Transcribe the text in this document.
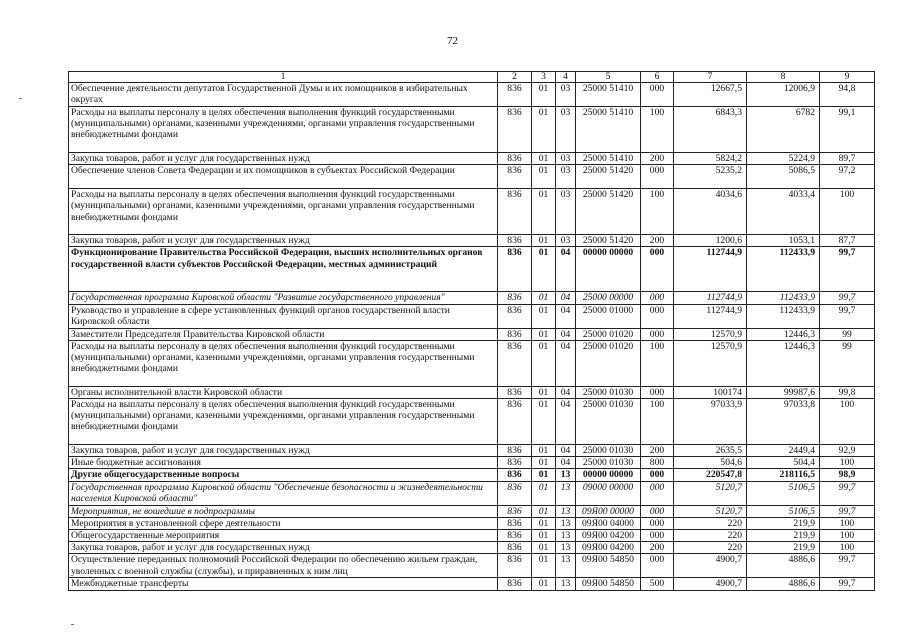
72
1	2	3	4	5	6	7	8	9
Обеспечение деятельности депутатов Государственной Думы и их помощников в избирательных округах	836	01	03	25000 51410	000	12667,5	12006,9	94,8
Расходы на выплаты персоналу в целях обеспечения выполнения функций государственными (муниципальными) органами, казенными учреждениями, органами управления государственными внебюджетными фондами	836	01	03	25000 51410	100	6843,3	6782	99,1
Закупка товаров, работ и услуг для государственных нужд	836	01	03	25000 51410	200	5824,2	5224,9	89,7
Обеспечение членов Совета Федерации и их помощников в субъектах Российской Федерации	836	01	03	25000 51420	000	5235,2	5086,5	97,2
Расходы на выплаты персоналу в целях обеспечения выполнения функций государственными (муниципальными) органами, казенными учреждениями, органами управления государственными внебюджетными фондами	836	01	03	25000 51420	100	4034,6	4033,4	100
Закупка товаров, работ и услуг для государственных нужд	836	01	03	25000 51420	200	1200,6	1053,1	87,7
Функционирование Правительства Российской Федерации, высших исполнительных органов государственной власти субъектов Российской Федерации, местных администраций	836	01	04	00000 00000	000	112744,9	112433,9	99,7
Государственная программа Кировской области "Развитие государственного управления"	836	01	04	25000 00000	000	112744,9	112433,9	99,7
Руководство и управление в сфере установленных функций органов государственной власти Кировской области	836	01	04	25000 01000	000	112744,9	112433,9	99,7
Заместители Председателя Правительства Кировской области	836	01	04	25000 01020	000	12570,9	12446,3	99
Расходы на выплаты персоналу в целях обеспечения выполнения функций государственными (муниципальными) органами, казенными учреждениями, органами управления государственными внебюджетными фондами	836	01	04	25000 01020	100	12570,9	12446,3	99
Органы исполнительной власти Кировской области	836	01	04	25000 01030	000	100174	99987,6	99,8
Расходы на выплаты персоналу в целях обеспечения выполнения функций государственными (муниципальными) органами, казенными учреждениями, органами управления государственными внебюджетными фондами	836	01	04	25000 01030	100	97033,9	97033,8	100
Закупка товаров, работ и услуг для государственных нужд	836	01	04	25000 01030	200	2635,5	2449,4	92,9
Иные бюджетные ассигнования	836	01	04	25000 01030	800	504,6	504,4	100
Другие общегосударственные вопросы	836	01	13	00000 00000	000	220547,8	218116,5	98,9
Государственная программа Кировской области "Обеспечение безопасности и жизнедеятельности населения Кировской области"	836	01	13	09000 00000	000	5120,7	5106,5	99,7
Мероприятия, не вошедшие в подпрограммы	836	01	13	09Я00 00000	000	5120,7	5106,5	99,7
Мероприятия в установленной сфере деятельности	836	01	13	09Я00 04000	000	220	219,9	100
Общегосударственные мероприятия	836	01	13	09Я00 04200	000	220	219,9	100
Закупка товаров, работ и услуг для государственных нужд	836	01	13	09Я00 04200	200	220	219,9	100
Осуществление переданных полномочий Российской Федерации по обеспечению жильем граждан, уволенных с военной службы (службы), и приравненных к ним лиц	836	01	13	09Я00 54850	000	4900,7	4886,6	99,7
Межбюджетные трансферты	836	01	13	09Я00 54850	500	4900,7	4886,6	99,7
